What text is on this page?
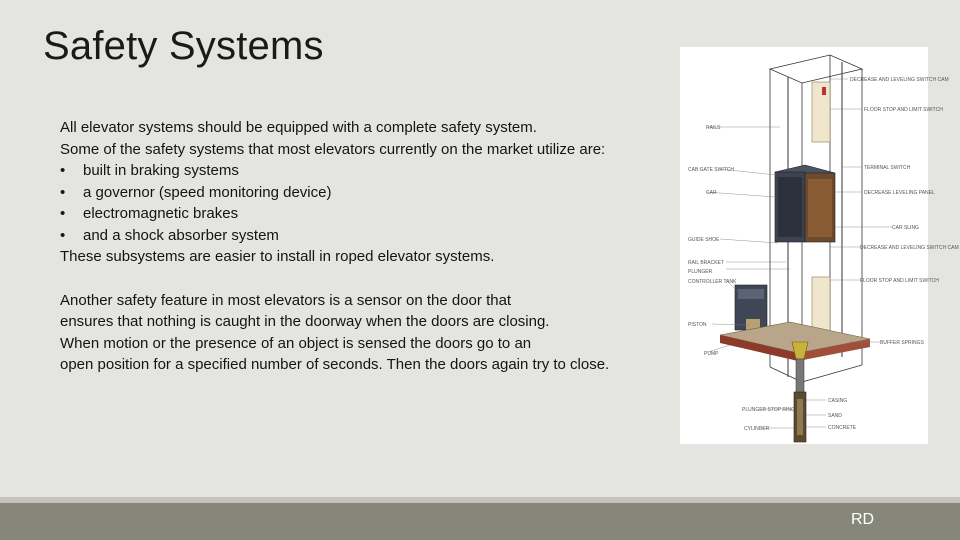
Safety Systems
All elevator systems should be equipped with a complete safety system.
Some of the safety systems that most elevators currently on the market utilize are:
•	built in braking systems
•	a governor (speed monitoring device)
•	electromagnetic brakes
•	and a shock absorber system
These subsystems are easier to install in roped elevator systems.
Another safety feature in most elevators is a sensor on the door that
ensures that nothing is caught in the doorway when the doors are closing.
When motion or the presence of an object is sensed the doors go to an
open position for a specified number of seconds. Then the doors again try to close.
RAILS
CAB GATE SWITCH
CAR
GUIDE SHOE
RAIL BRACKET
PLUNGER
CONTROLLER TANK
PISTON
PUMP
PLUNGER STOP RING
CYLINDER
DECREASE AND LEVELING SWITCH CAM
FLOOR STOP AND LIMIT SWITCH
TERMINAL SWITCH
DECREASE LEVELING PANEL
CAR SLING
DECREASE AND LEVELING SWITCH CAM
FLOOR STOP AND LIMIT SWITCH
BUFFER SPRINGS
CASING
SAND
CONCRETE
RD
